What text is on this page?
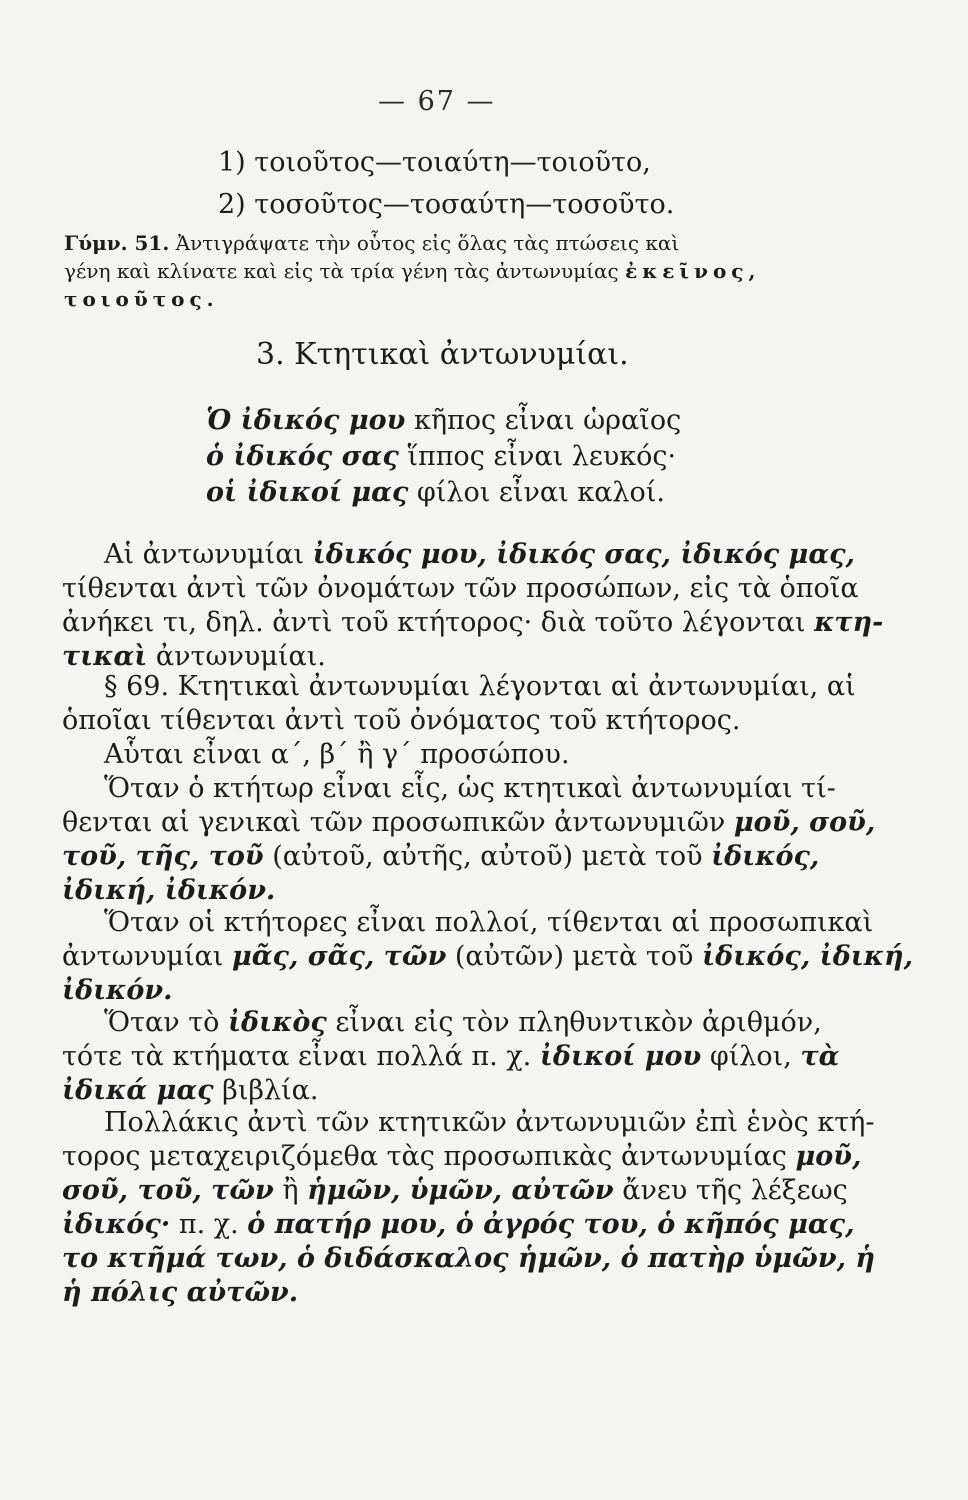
— 67 —
1) τοιοῦτος—τοιαύτη—τοιοῦτο,
2) τοσοῦτος—τοσαύτη—τοσοῦτο.
Γύμν. 51. Ἀντιγράψατε τὴν οὗτος εἰς ὅλας τὰς πτώσεις καὶ
γένη καὶ κλίνατε καὶ εἰς τὰ τρία γένη τὰς ἀντωνυμίας ἐκεῖνος,
τοιοῦτος.
3. Κτητικαὶ ἀντωνυμίαι.
Ὁ ἰδικός μου κῆπος εἶναι ὡραῖος
ὁ ἰδικός σας ἵππος εἶναι λευκός·
οἱ ἰδικοί μας φίλοι εἶναι καλοί.
Αἱ ἀντωνυμίαι ἰδικός μου, ἰδικός σας, ἰδικός μας,
τίθενται ἀντὶ τῶν ὀνομάτων τῶν προσώπων, εἰς τὰ ὁποῖα
ἀνήκει τι, δηλ. ἀντὶ τοῦ κτήτορος· διὰ τοῦτο λέγονται κτη-
τικαὶ ἀντωνυμίαι.
§ 69. Κτητικαὶ ἀντωνυμίαι λέγονται αἱ ἀντωνυμίαι, αἱ
ὁποῖαι τίθενται ἀντὶ τοῦ ὀνόματος τοῦ κτήτορος.
Αὗται εἶναι α΄, β΄ ἢ γ΄ προσώπου.
Ὅταν ὁ κτήτωρ εἶναι εἷς, ὡς κτητικαὶ ἀντωνυμίαι τί-
θενται αἱ γενικαὶ τῶν προσωπικῶν ἀντωνυμιῶν μοῦ, σοῦ,
τοῦ, τῆς, τοῦ (αὐτοῦ, αὐτῆς, αὐτοῦ) μετὰ τοῦ ἰδικός,
ἰδική, ἰδικόν.
Ὅταν οἱ κτήτορες εἶναι πολλοί, τίθενται αἱ προσωπικαὶ
ἀντωνυμίαι μᾶς, σᾶς, τῶν (αὐτῶν) μετὰ τοῦ ἰδικός, ἰδική,
ἰδικόν.
Ὅταν τὸ ἰδικὸς εἶναι εἰς τὸν πληθυντικὸν ἀριθμόν,
τότε τὰ κτήματα εἶναι πολλά π. χ. ἰδικοί μου φίλοι, τὰ
ἰδικά μας βιβλία.
Πολλάκις ἀντὶ τῶν κτητικῶν ἀντωνυμιῶν ἐπὶ ἑνὸς κτή-
τορος μεταχειριζόμεθα τὰς προσωπικὰς ἀντωνυμίας μοῦ,
σοῦ, τοῦ, τῶν ἢ ἡμῶν, ὑμῶν, αὐτῶν ἄνευ τῆς λέξεως
ἰδικός· π. χ. ὁ πατήρ μου, ὁ ἀγρός του, ὁ κῆπός μας,
το κτῆμά των, ὁ διδάσκαλος ἡμῶν, ὁ πατὴρ ὑμῶν, ἡ
ἡ πόλις αὐτῶν.
